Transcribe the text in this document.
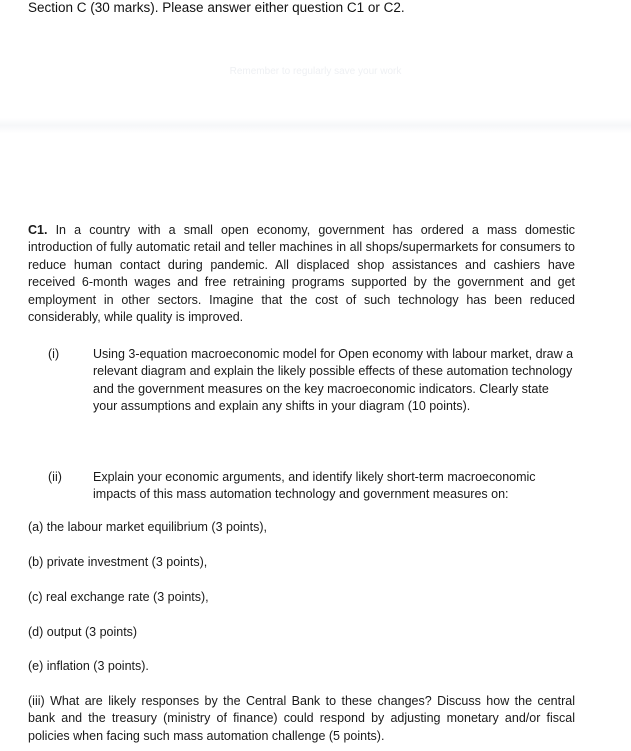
Section C (30 marks). Please answer either question C1 or C2.
Remember to regularly save your work
C1. In a country with a small open economy, government has ordered a mass domestic introduction of fully automatic retail and teller machines in all shops/supermarkets for consumers to reduce human contact during pandemic. All displaced shop assistances and cashiers have received 6-month wages and free retraining programs supported by the government and get employment in other sectors. Imagine that the cost of such technology has been reduced considerably, while quality is improved.
(i)	Using 3-equation macroeconomic model for Open economy with labour market, draw a relevant diagram and explain the likely possible effects of these automation technology and the government measures on the key macroeconomic indicators. Clearly state your assumptions and explain any shifts in your diagram (10 points).
(ii) Explain your economic arguments, and identify likely short-term macroeconomic impacts of this mass automation technology and government measures on:
(a) the labour market equilibrium (3 points),
(b) private investment (3 points),
(c) real exchange rate (3 points),
(d) output (3 points)
(e) inflation (3 points).
(iii) What are likely responses by the Central Bank to these changes? Discuss how the central bank and the treasury (ministry of finance) could respond by adjusting monetary and/or fiscal policies when facing such mass automation challenge (5 points).
